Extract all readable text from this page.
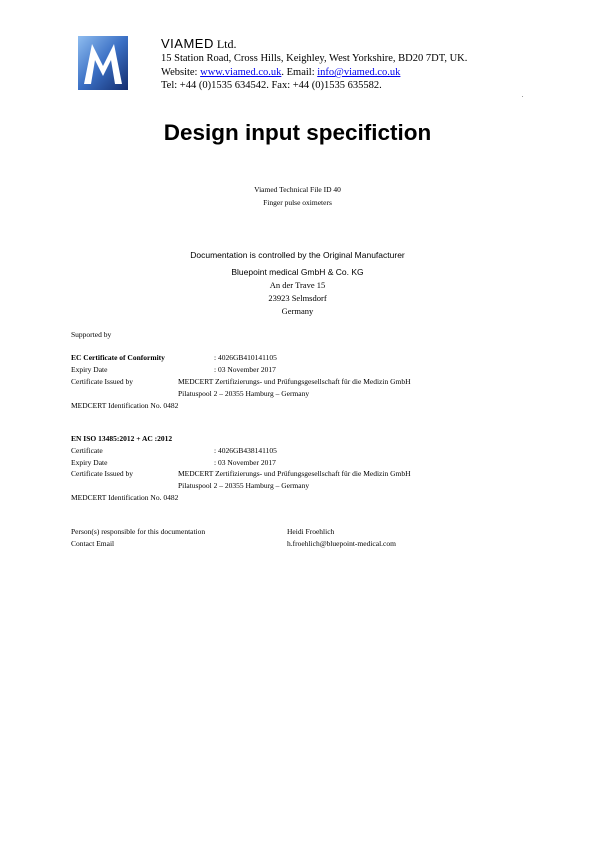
VIAMED Ltd.
15 Station Road, Cross Hills, Keighley, West Yorkshire, BD20 7DT, UK.
Website: www.viamed.co.uk. Email: info@viamed.co.uk
Tel: +44 (0)1535 634542. Fax: +44 (0)1535 635582.
Design input specifiction
Viamed Technical File ID 40
Finger pulse oximeters
Documentation is controlled by the Original Manufacturer
Bluepoint medical GmbH & Co. KG
An der Trave 15
23923 Selmsdorf
Germany
Supported by
EC Certificate of Conformity	: 4026GB410141105
Expiry Date	: 03 November 2017
Certificate Issued by	MEDCERT Zertifizierungs- und Prüfungsgesellschaft für die Medizin GmbH
Pilatuspool 2 – 20355 Hamburg – Germany
MEDCERT Identification No. 0482
EN ISO 13485:2012 + AC :2012
Certificate	: 4026GB438141105
Expiry Date	: 03 November 2017
Certificate Issued by	MEDCERT Zertifizierungs- und Prüfungsgesellschaft für die Medizin GmbH
Pilatuspool 2 – 20355 Hamburg – Germany
MEDCERT Identification No. 0482
Person(s) responsible for this documentation	Heidi Froehlich
Contact Email	h.froehlich@bluepoint-medical.com
